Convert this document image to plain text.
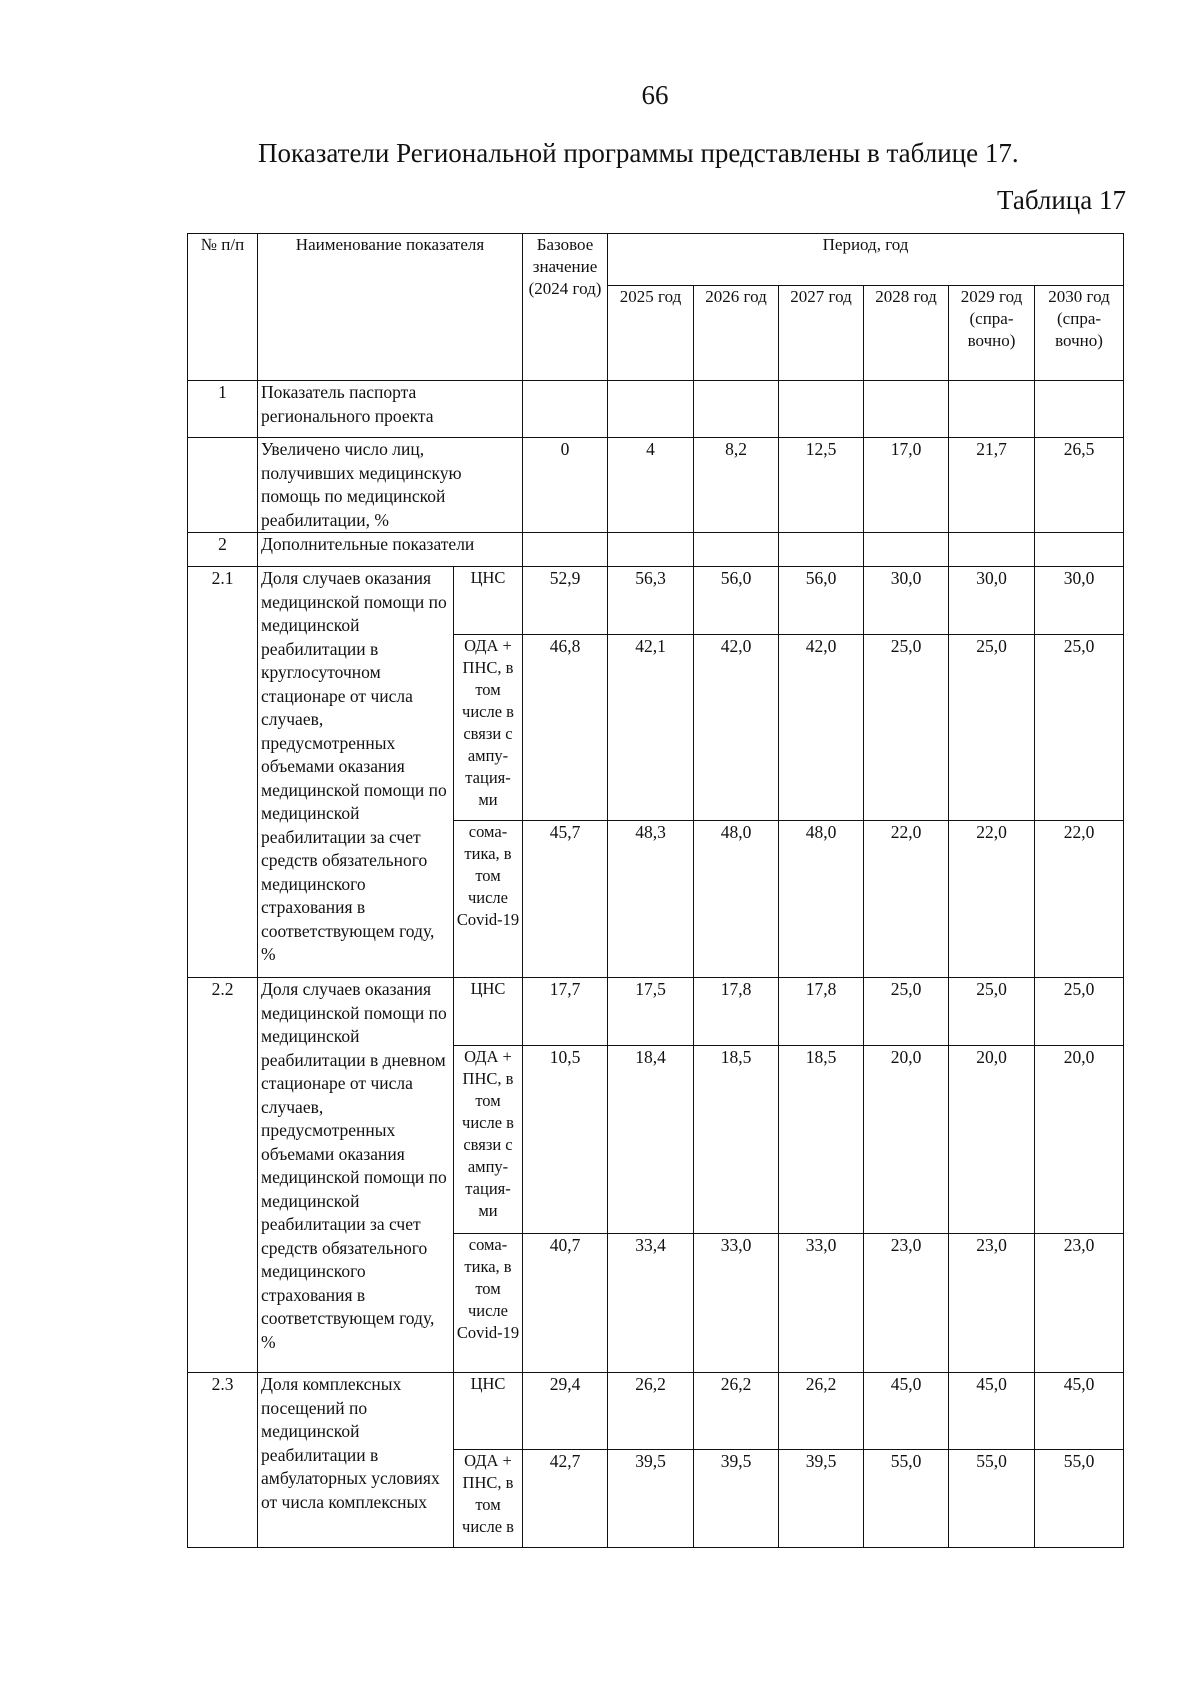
66
Показатели Региональной программы представлены в таблице 17.
Таблица 17
№ п/п	Наименование показателя		Базовое значение (2024 год)	Период, год					
				2025 год	2026 год	2027 год	2028 год	2029 год (спра-вочно)	2030 год (спра-вочно)
1	Показатель паспорта регионального проекта								
	Увеличено число лиц, получивших медицинскую помощь по медицинской реабилитации, %		0	4	8,2	12,5	17,0	21,7	26,5
2	Дополнительные показатели								
2.1	Доля случаев оказания медицинской помощи по медицинской реабилитации в круглосуточном стационаре от числа случаев, предусмотренных объемами оказания медицинской помощи по медицинской реабилитации за счет средств обязательного медицинского страхования в соответствующем году, %	ЦНС	52,9	56,3	56,0	56,0	30,0	30,0	30,0
		ОДА + ПНС, в том числе в связи с ампу-тация-ми	46,8	42,1	42,0	42,0	25,0	25,0	25,0
		сома-тика, в том числе Covid-19	45,7	48,3	48,0	48,0	22,0	22,0	22,0
2.2	Доля случаев оказания медицинской помощи по медицинской реабилитации в дневном стационаре от числа случаев, предусмотренных объемами оказания медицинской помощи по медицинской реабилитации за счет средств обязательного медицинского страхования в соответствующем году, %	ЦНС	17,7	17,5	17,8	17,8	25,0	25,0	25,0
		ОДА + ПНС, в том числе в связи с ампу-тация-ми	10,5	18,4	18,5	18,5	20,0	20,0	20,0
		сома-тика, в том числе Covid-19	40,7	33,4	33,0	33,0	23,0	23,0	23,0
2.3	Доля комплексных посещений по медицинской реабилитации в амбулаторных условиях от числа комплексных	ЦНС	29,4	26,2	26,2	26,2	45,0	45,0	45,0
		ОДА + ПНС, в том числе в	42,7	39,5	39,5	39,5	55,0	55,0	55,0
